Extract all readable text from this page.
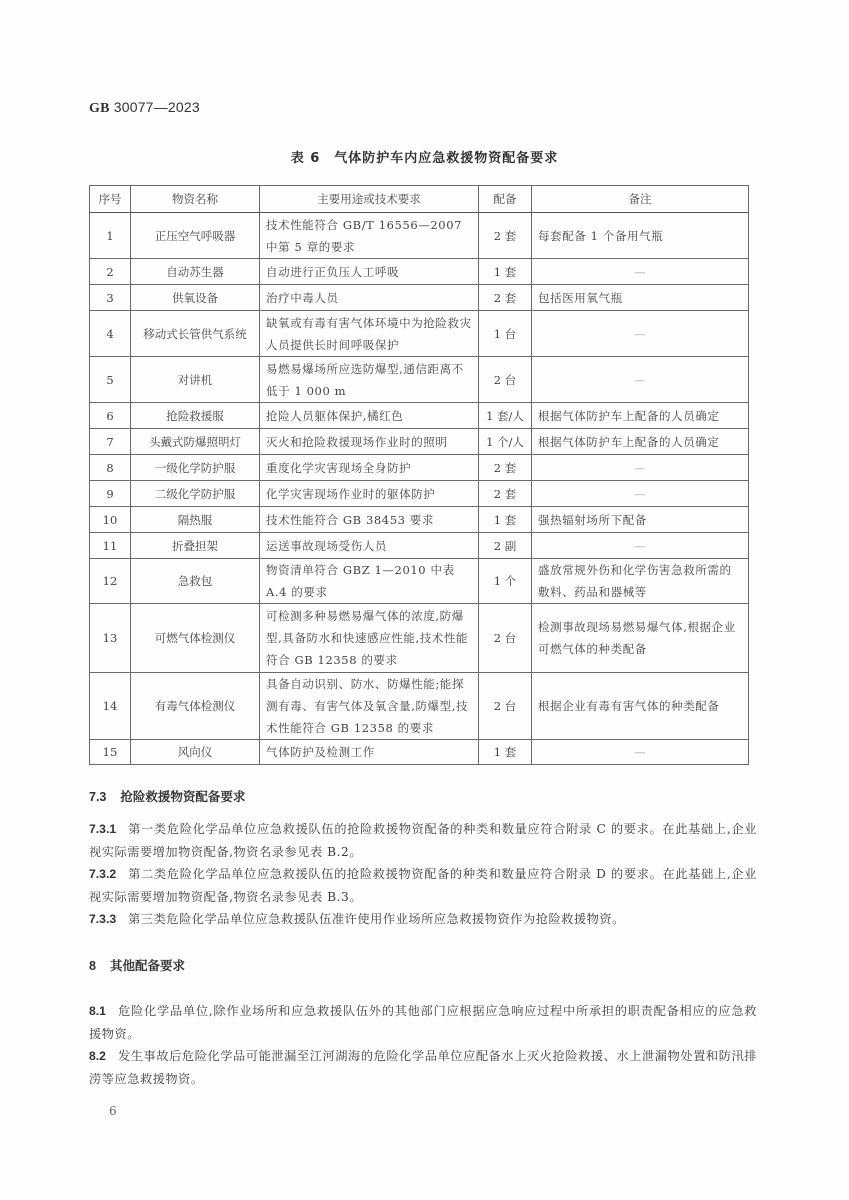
GB 30077—2023
表 6 气体防护车内应急救援物资配备要求
序号	物资名称	主要用途或技术要求	配备	备注
1	正压空气呼吸器	技术性能符合 GB/T 16556—2007 中第 5 章的要求	2 套	每套配备 1 个备用气瓶
2	自动苏生器	自动进行正负压人工呼吸	1 套	—
3	供氧设备	治疗中毒人员	2 套	包括医用氧气瓶
4	移动式长管供气系统	缺氧或有毒有害气体环境中为抢险救灾人员提供长时间呼吸保护	1 台	—
5	对讲机	易燃易爆场所应选防爆型,通信距离不低于 1 000 m	2 台	—
6	抢险救援服	抢险人员躯体保护,橘红色	1 套/人	根据气体防护车上配备的人员确定
7	头戴式防爆照明灯	灭火和抢险救援现场作业时的照明	1 个/人	根据气体防护车上配备的人员确定
8	一级化学防护服	重度化学灾害现场全身防护	2 套	—
9	二级化学防护服	化学灾害现场作业时的躯体防护	2 套	—
10	隔热服	技术性能符合 GB 38453 要求	1 套	强热辐射场所下配备
11	折叠担架	运送事故现场受伤人员	2 副	—
12	急救包	物资清单符合 GBZ 1—2010 中表 A.4 的要求	1 个	盛放常规外伤和化学伤害急救所需的敷料、药品和器械等
13	可燃气体检测仪	可检测多种易燃易爆气体的浓度,防爆型,具备防水和快速感应性能,技术性能符合 GB 12358 的要求	2 台	检测事故现场易燃易爆气体,根据企业可燃气体的种类配备
14	有毒气体检测仪	具备自动识别、防水、防爆性能;能探测有毒、有害气体及氧含量,防爆型,技术性能符合 GB 12358 的要求	2 台	根据企业有毒有害气体的种类配备
15	风向仪	气体防护及检测工作	1 套	—
7.3 抢险救援物资配备要求
7.3.1 第一类危险化学品单位应急救援队伍的抢险救援物资配备的种类和数量应符合附录 C 的要求。在此基础上,企业视实际需要增加物资配备,物资名录参见表 B.2。
7.3.2 第二类危险化学品单位应急救援队伍的抢险救援物资配备的种类和数量应符合附录 D 的要求。在此基础上,企业视实际需要增加物资配备,物资名录参见表 B.3。
7.3.3 第三类危险化学品单位应急救援队伍准许使用作业场所应急救援物资作为抢险救援物资。
8 其他配备要求
8.1 危险化学品单位,除作业场所和应急救援队伍外的其他部门应根据应急响应过程中所承担的职责配备相应的应急救援物资。
8.2 发生事故后危险化学品可能泄漏至江河湖海的危险化学品单位应配备水上灭火抢险救援、水上泄漏物处置和防汛排涝等应急救援物资。
6
